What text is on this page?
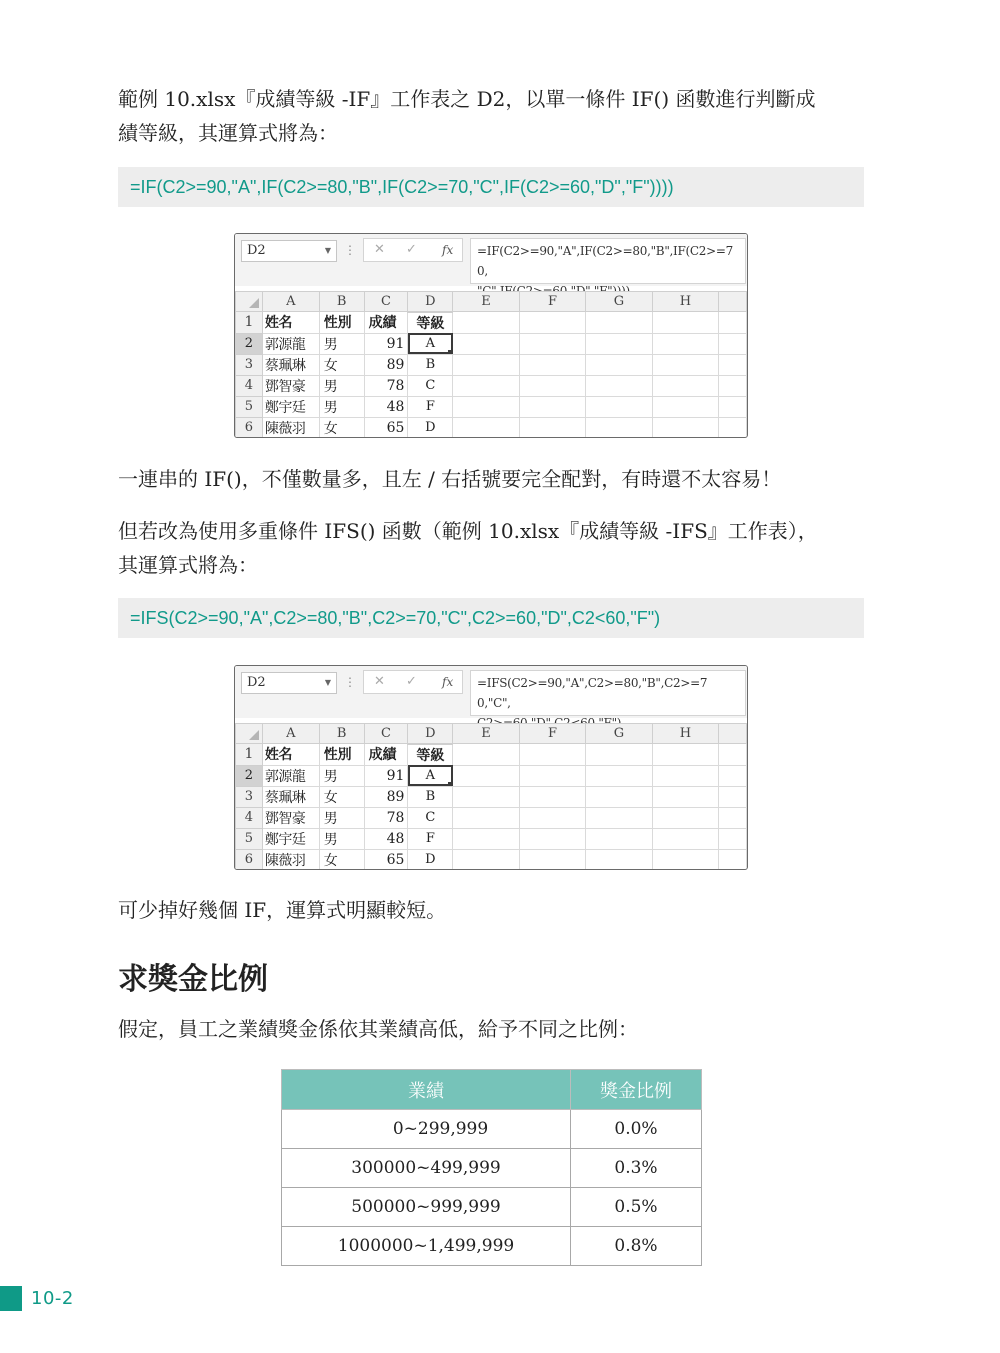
範例 10.xlsx『成績等級 -IF』工作表之 D2，以單一條件 IF() 函數進行判斷成
績等級，其運算式將為：

=IF(C2>=90,"A",IF(C2>=80,"B",IF(C2>=70,"C",IF(C2>=60,"D","F"))))
D2	▼ ⋮ ✕ ✓ fx	=IF(C2>=90,"A",IF(C2>=80,"B",IF(C2>=70,

	A	B	C	D	E	F	G	H	
1	姓名	性別	成績	等級					
2	郭源龍	男	91	A					
3	蔡珮琳	女	89	B					
4	鄧智豪	男	78	C					
5	鄭宇廷	男	48	F					
6	陳薇羽	女	65	D					

一連串的 IF()，不僅數量多，且左 / 右括號要完全配對，有時還不太容易！

但若改為使用多重條件 IFS() 函數（範例 10.xlsx『成績等級 -IFS』工作表），
其運算式將為：

=IFS(C2>=90,"A",C2>=80,"B",C2>=70,"C",C2>=60,"D",C2<60,"F")
D2	▼ ⋮ ✕ ✓ fx	=IFS(C2>=90,"A",C2>=80,"B",C2>=70,"C",

	A	B	C	D	E	F	G	H	
1	姓名	性別	成績	等級					
2	郭源龍	男	91	A					
3	蔡珮琳	女	89	B					
4	鄧智豪	男	78	C					
5	鄭宇廷	男	48	F					
6	陳薇羽	女	65	D					

可少掉好幾個 IF，運算式明顯較短。

求獎金比例

假定，員工之業績獎金係依其業績高低，給予不同之比例：

業績	獎金比例
0~299,999	0.0%
300000~499,999	0.3%
500000~999,999	0.5%
1000000~1,499,999	0.8%
10-2
